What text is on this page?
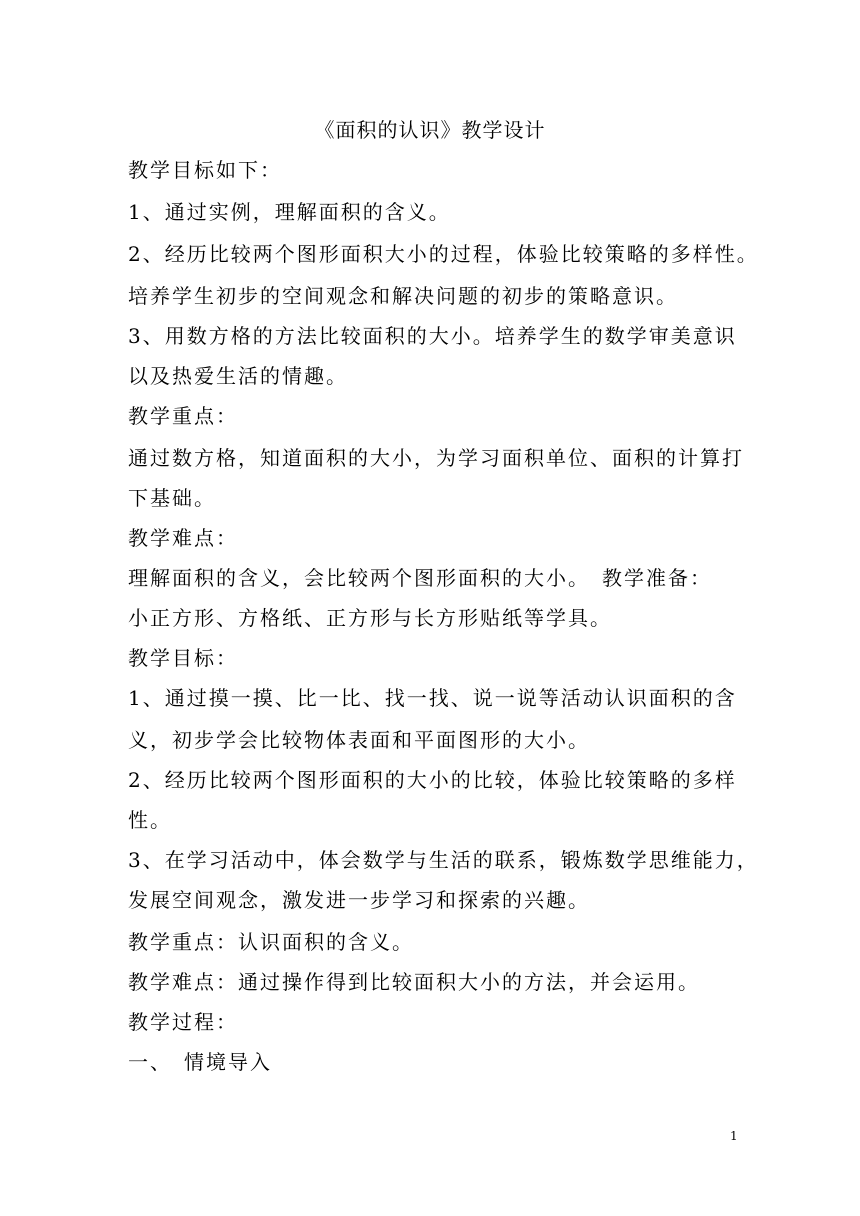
《面积的认识》教学设计
教学目标如下：
1、通过实例，理解面积的含义。
2、经历比较两个图形面积大小的过程，体验比较策略的多样性。
培养学生初步的空间观念和解决问题的初步的策略意识。
3、用数方格的方法比较面积的大小。培养学生的数学审美意识
以及热爱生活的情趣。
教学重点：
通过数方格，知道面积的大小，为学习面积单位、面积的计算打
下基础。
教学难点：
理解面积的含义，会比较两个图形面积的大小。　教学准备：
小正方形、方格纸、正方形与长方形贴纸等学具。
教学目标：
1、通过摸一摸、比一比、找一找、说一说等活动认识面积的含
义，初步学会比较物体表面和平面图形的大小。
2、经历比较两个图形面积的大小的比较，体验比较策略的多样
性。
3、在学习活动中，体会数学与生活的联系，锻炼数学思维能力，
发展空间观念，激发进一步学习和探索的兴趣。
教学重点：认识面积的含义。
教学难点：通过操作得到比较面积大小的方法，并会运用。
教学过程：
一、　情境导入
1
